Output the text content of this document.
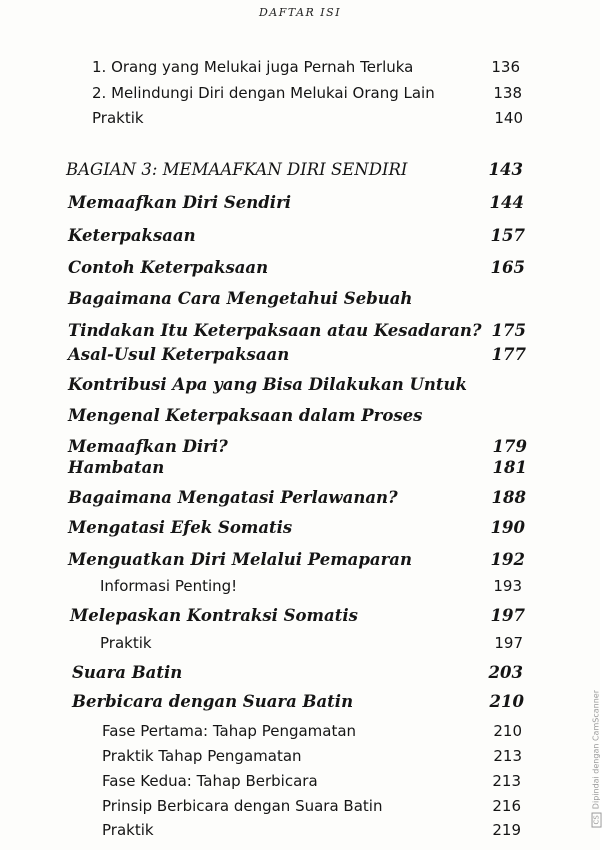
DAFTAR ISI
1. Orang yang Melukai juga Pernah Terluka	136
2. Melindungi Diri dengan Melukai Orang Lain	138
Praktik	140
BAGIAN 3: MEMAAFKAN DIRI SENDIRI	143
Memaafkan Diri Sendiri	144
Keterpaksaan	157
Contoh Keterpaksaan	165
Bagaimana Cara Mengetahui Sebuah
Tindakan Itu Keterpaksaan atau Kesadaran? 175
Asal-Usul Keterpaksaan	177
Kontribusi Apa yang Bisa Dilakukan Untuk
Mengenal Keterpaksaan dalam Proses
Memaafkan Diri?	179
Hambatan	181
Bagaimana Mengatasi Perlawanan?	188
Mengatasi Efek Somatis	190
Menguatkan Diri Melalui Pemaparan	192
Informasi Penting!	193
Melepaskan Kontraksi Somatis	197
Praktik	197
Suara Batin	203
Berbicara dengan Suara Batin	210
Fase Pertama: Tahap Pengamatan	210
Praktik Tahap Pengamatan	213
Fase Kedua: Tahap Berbicara	213
Prinsip Berbicara dengan Suara Batin	216
Praktik	219
CSDipindai dengan CamScanner
